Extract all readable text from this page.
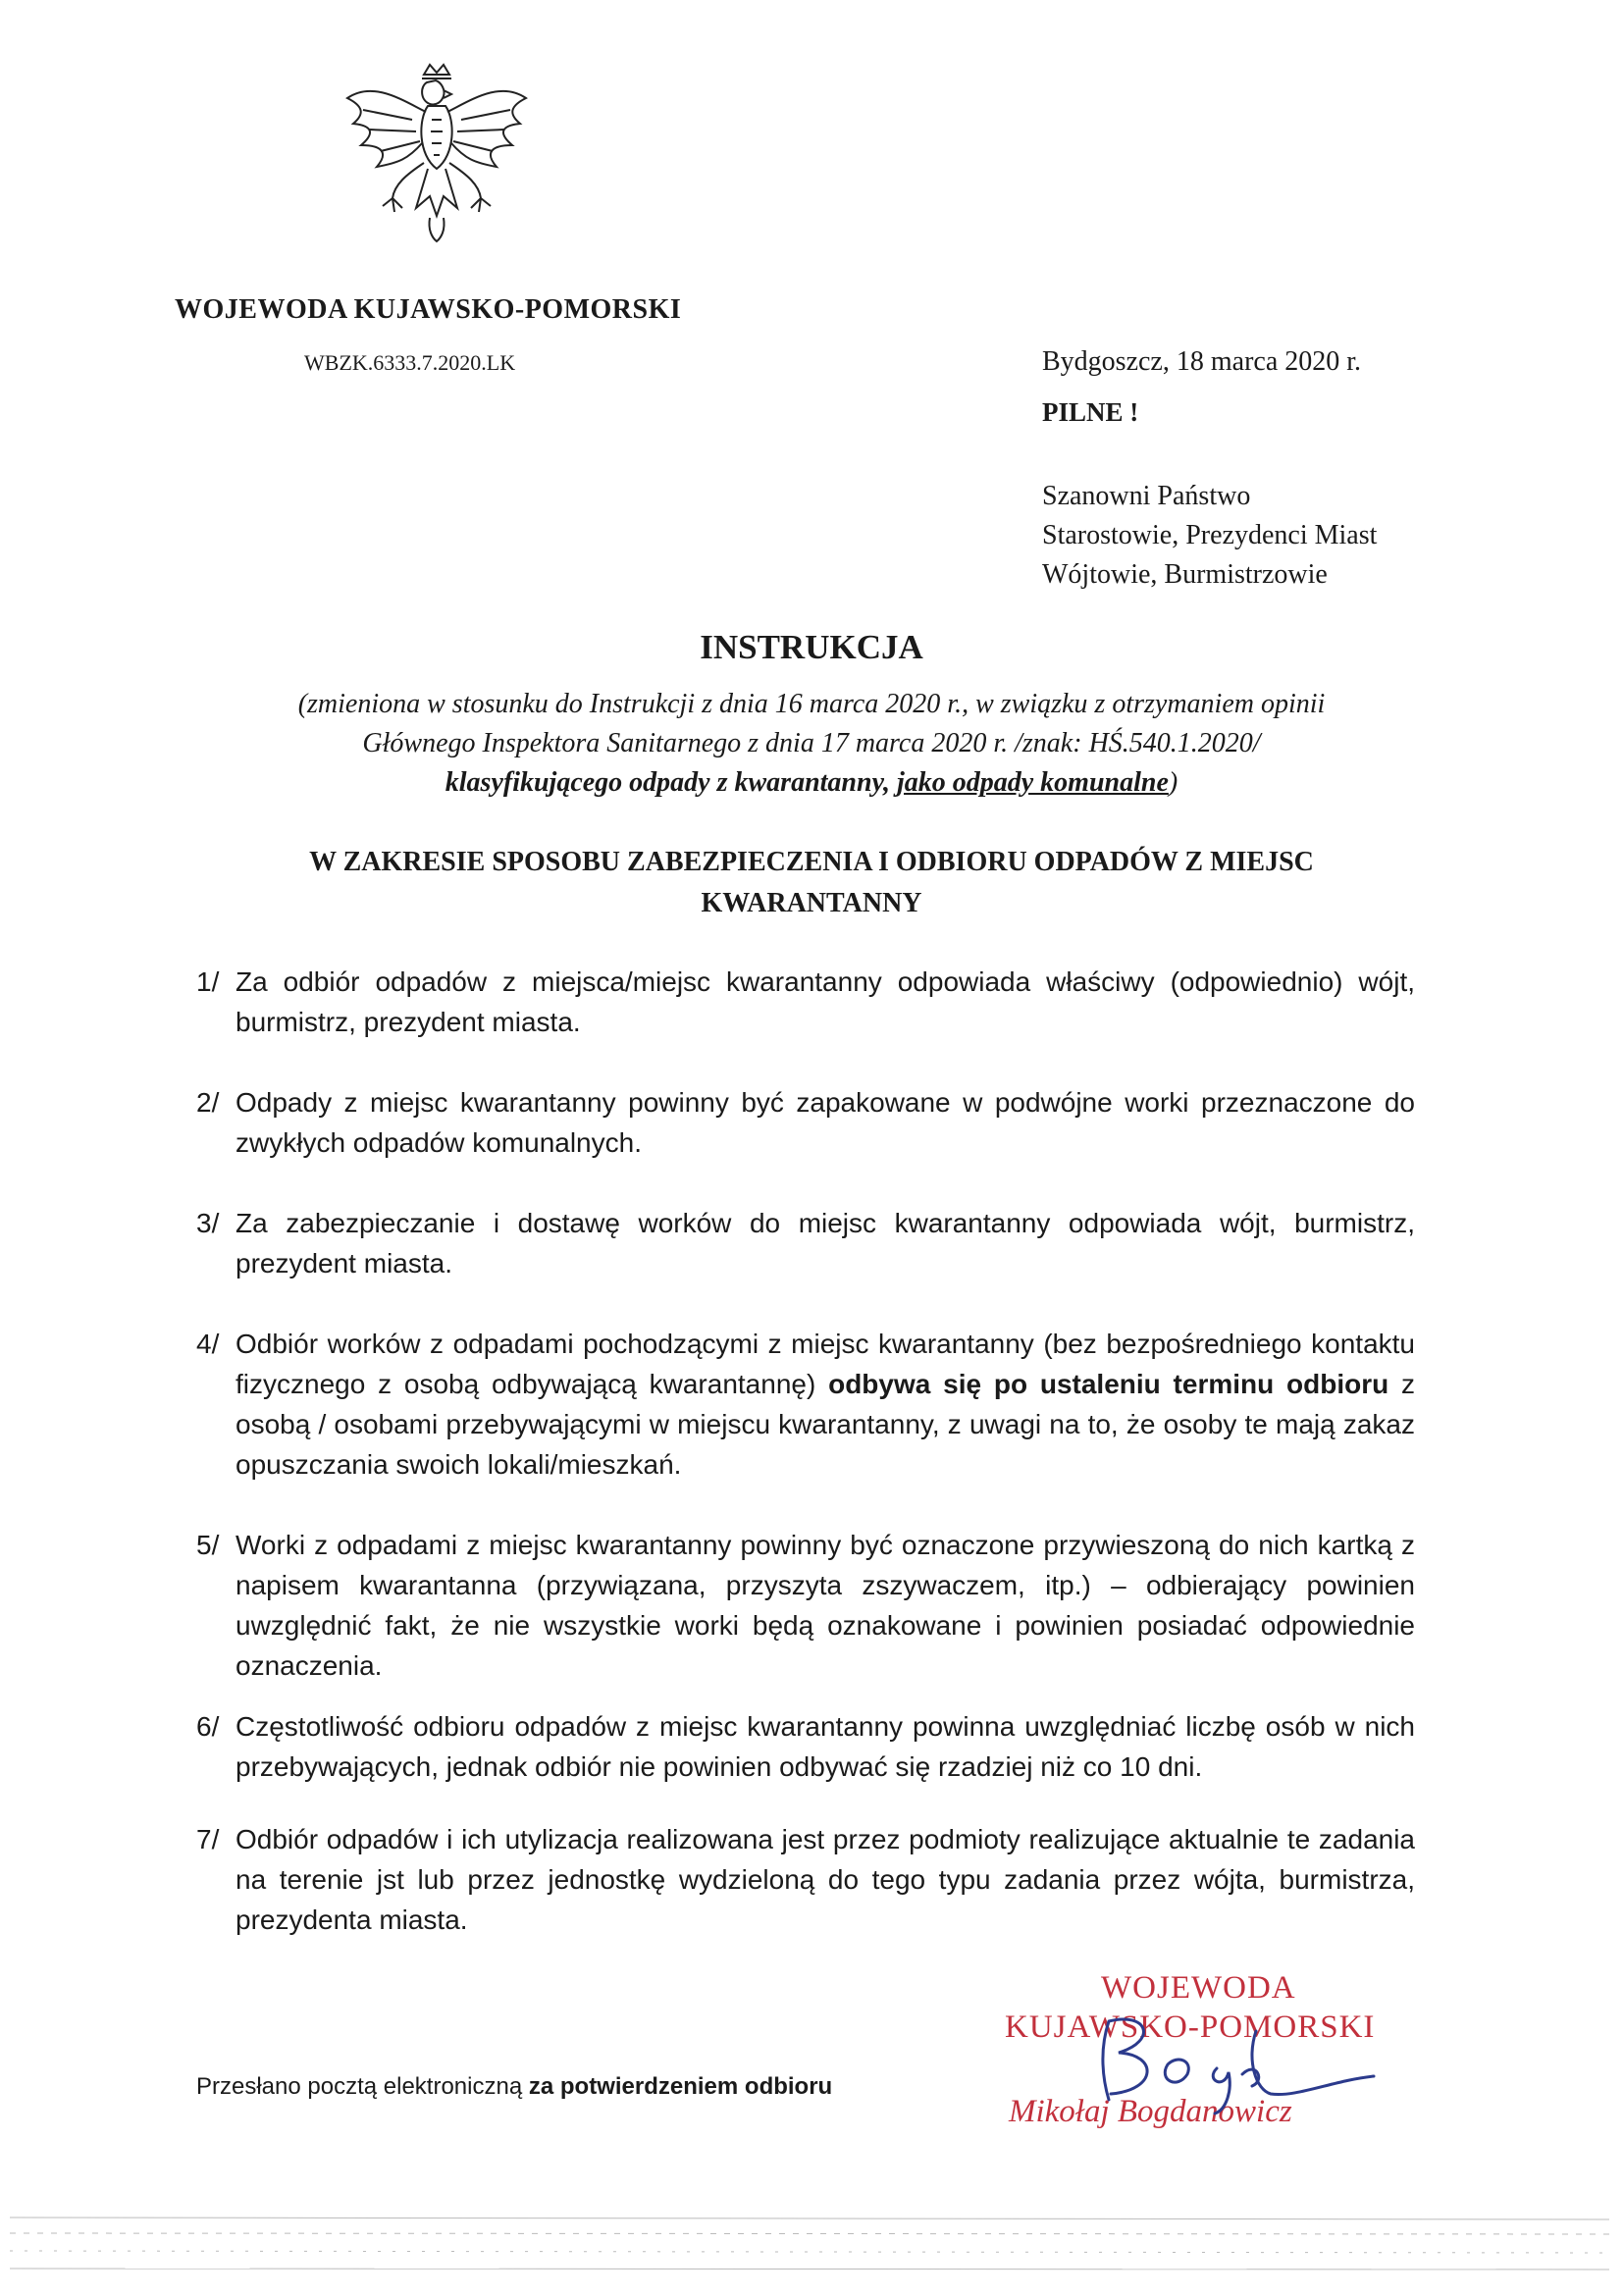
WOJEWODA KUJAWSKO-POMORSKI
WBZK.6333.7.2020.LK	Bydgoszcz, 18 marca 2020 r.
PILNE !
Szanowni Państwo
Starostowie, Prezydenci Miast
Wójtowie, Burmistrzowie
INSTRUKCJA
(zmieniona w stosunku do Instrukcji z dnia 16 marca 2020 r., w związku z otrzymaniem opinii
Głównego Inspektora Sanitarnego z dnia 17 marca 2020 r. /znak: HŚ.540.1.2020/
klasyfikującego odpady z kwarantanny, jako odpady komunalne)
W ZAKRESIE SPOSOBU ZABEZPIECZENIA I ODBIORU ODPADÓW Z MIEJSC
KWARANTANNY
1/ Za odbiór odpadów z miejsca/miejsc kwarantanny odpowiada właściwy (odpowiednio) wójt, burmistrz, prezydent miasta.
2/ Odpady z miejsc kwarantanny powinny być zapakowane w podwójne worki przeznaczone do zwykłych odpadów komunalnych.
3/ Za zabezpieczanie i dostawę worków do miejsc kwarantanny odpowiada wójt, burmistrz, prezydent miasta.
4/ Odbiór worków z odpadami pochodzącymi z miejsc kwarantanny (bez bezpośredniego kontaktu fizycznego z osobą odbywającą kwarantannę) odbywa się po ustaleniu terminu odbioru z osobą / osobami przebywającymi w miejscu kwarantanny, z uwagi na to, że osoby te mają zakaz opuszczania swoich lokali/mieszkań.
5/ Worki z odpadami z miejsc kwarantanny powinny być oznaczone przywieszoną do nich kartką z napisem kwarantanna (przywiązana, przyszyta zszywaczem, itp.) – odbierający powinien uwzględnić fakt, że nie wszystkie worki będą oznakowane i powinien posiadać odpowiednie oznaczenia.
6/ Częstotliwość odbioru odpadów z miejsc kwarantanny powinna uwzględniać liczbę osób w nich przebywających, jednak odbiór nie powinien odbywać się rzadziej niż co 10 dni.
7/ Odbiór odpadów i ich utylizacja realizowana jest przez podmioty realizujące aktualnie te zadania na terenie jst lub przez jednostkę wydzieloną do tego typu zadania przez wójta, burmistrza, prezydenta miasta.
WOJEWODA
KUJAWSKO-POMORSKI
Mikołaj Bogdanowicz
Przesłano pocztą elektroniczną za potwierdzeniem odbioru
